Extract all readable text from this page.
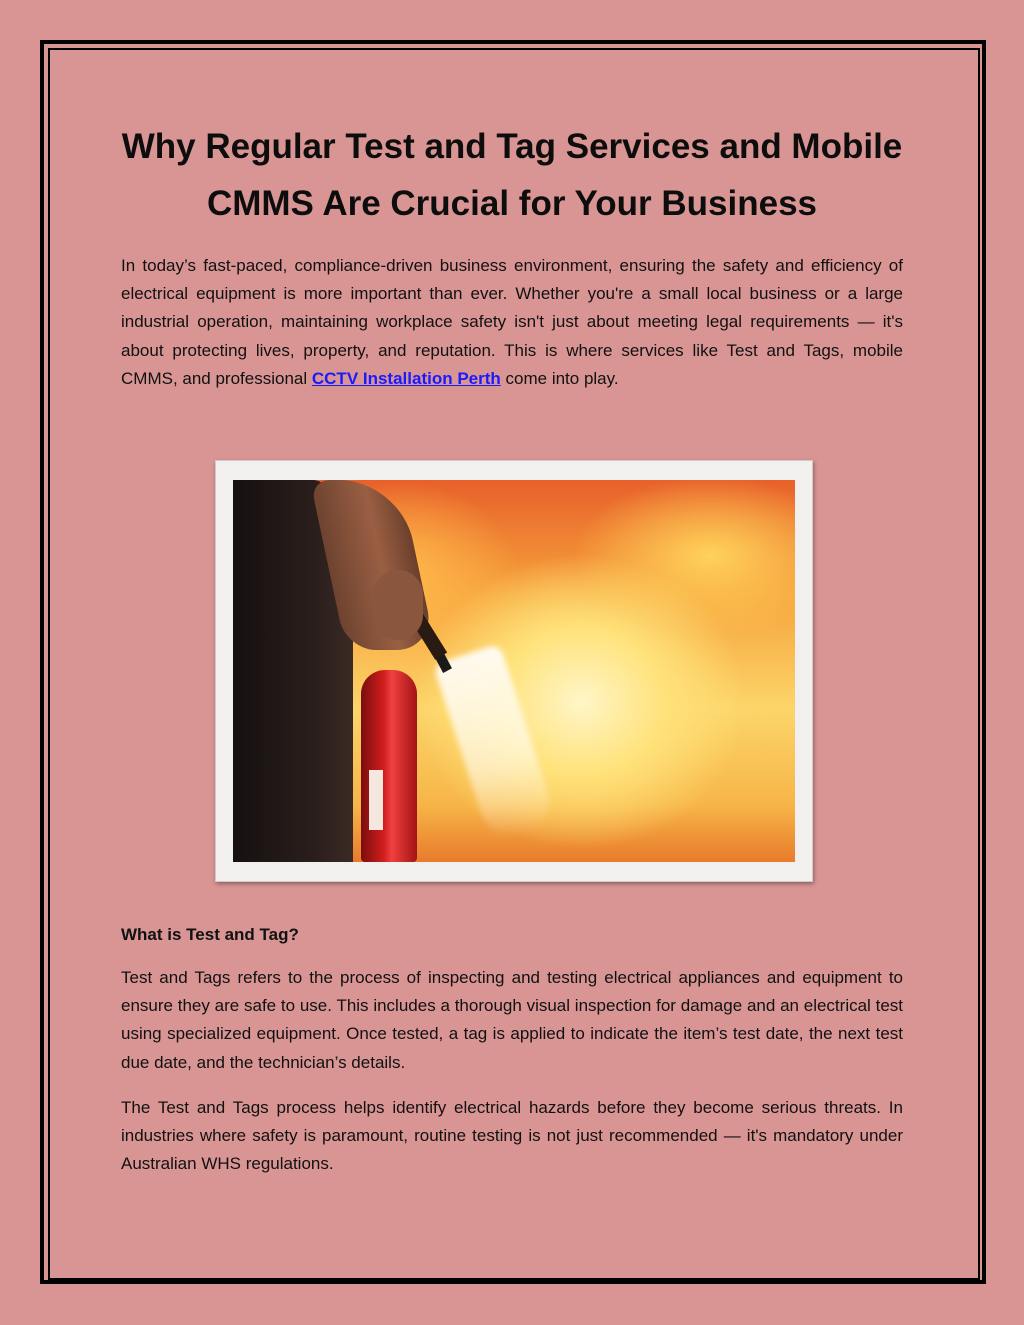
Why Regular Test and Tag Services and Mobile
CMMS Are Crucial for Your Business

In today’s fast-paced, compliance-driven business environment, ensuring the safety and efficiency of electrical equipment is more important than ever. Whether you're a small local business or a large industrial operation, maintaining workplace safety isn't just about meeting legal requirements — it's about protecting lives, property, and reputation. This is where services like Test and Tags, mobile CMMS, and professional CCTV Installation Perth come into play.

What is Test and Tag?

Test and Tags refers to the process of inspecting and testing electrical appliances and equipment to ensure they are safe to use. This includes a thorough visual inspection for damage and an electrical test using specialized equipment. Once tested, a tag is applied to indicate the item’s test date, the next test due date, and the technician’s details.

The Test and Tags process helps identify electrical hazards before they become serious threats. In industries where safety is paramount, routine testing is not just recommended — it's mandatory under Australian WHS regulations.
